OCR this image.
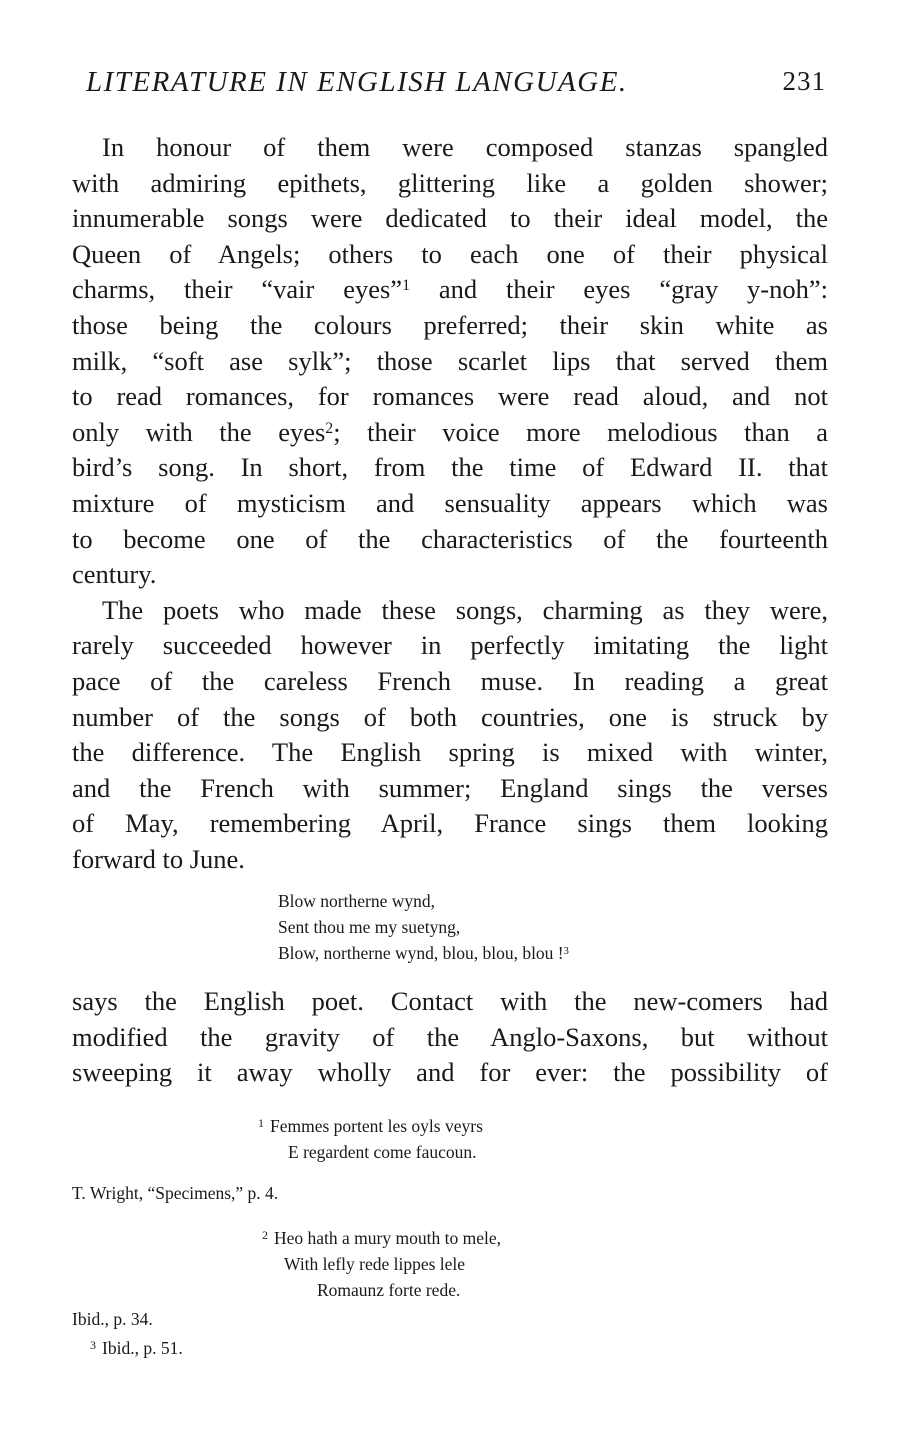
LITERATURE IN ENGLISH LANGUAGE.	231
In honour of them were composed stanzas spangled
with admiring epithets, glittering like a golden shower;
innumerable songs were dedicated to their ideal model, the
Queen of Angels; others to each one of their physical
charms, their “vair eyes”$^1$ and their eyes “gray y-noh”:
those being the colours preferred; their skin white as
milk, “soft ase sylk”; those scarlet lips that served them
to read romances, for romances were read aloud, and not
only with the eyes$^2$; their voice more melodious than a
bird’s song. In short, from the time of Edward II. that
mixture of mysticism and sensuality appears which was
to become one of the characteristics of the fourteenth
century.
The poets who made these songs, charming as they were,
rarely succeeded however in perfectly imitating the light
pace of the careless French muse. In reading a great
number of the songs of both countries, one is struck by
the difference. The English spring is mixed with winter,
and the French with summer; England sings the verses
of May, remembering April, France sings them looking
forward to June.
Blow northerne wynd,
Sent thou me my suetyng,
Blow, northerne wynd, blou, blou, blou !$^3$
says the English poet. Contact with the new-comers had
modified the gravity of the Anglo-Saxons, but without
sweeping it away wholly and for ever: the possibility of
$^1$ Femmes portent les oyls veyrs
E regardent come faucoun.
T. Wright, “Specimens,” p. 4.
$^2$ Heo hath a mury mouth to mele,
With lefly rede lippes lele
Romaunz forte rede.
Ibid., p. 34.
$^3$ Ibid., p. 51.
